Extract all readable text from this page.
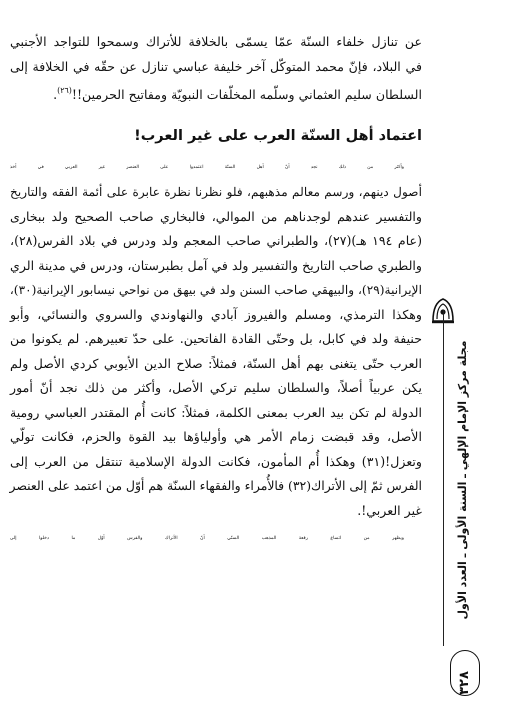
عن تنازل خلفاء السنّة عمّا يسمّى بالخلافة للأتراك وسمحوا للتواجد الأجنبي
في البلاد، فإنّ محمد المتوكّل آخر خليفة عباسي تنازل عن حقّه في الخلافة إلى
السلطان سليم العثماني وسلّمه المخلّفات النبويّة ومفاتيح الحرمين!!$^{(٢٦)}$.

اعتماد أهل السنّة العرب على غير العرب!

وأكثر من ذلك نجد أنّ أهل السنّة اعتمدوا على العنصر غير العربي في أخذ
أصول دينهم، ورسم معالم مذهبهم، فلو نظرنا نظرة عابرة على أئمة الفقه والتاريخ
والتفسير عندهم لوجدناهم من الموالي، فالبخاري صاحب الصحيح ولد ببخارى
(عام ١٩٤ هـ)(٢٧)، والطبراني صاحب المعجم ولد ودرس في بلاد الفرس(٢٨)،
والطبري صاحب التاريخ والتفسير ولد في آمل بطبرستان، ودرس في مدينة الري
الإيرانية(٢٩)، والبيهقي صاحب السنن ولد في بيهق من نواحي نيسابور الإيرانية(٣٠)،
وهكذا الترمذي، ومسلم والفيروز آبادي والنهاوندي والسروي والنسائي، وأبو
حنيفة ولد في كابل، بل وحتّى القادة الفاتحين. على حدّ تعبيرهم. لم يكونوا من
العرب حتّى يتغنى بهم أهل السنّة، فمثلاً: صلاح الدين الأيوبي كردي الأصل ولم
يكن عربياً أصلاً، والسلطان سليم تركي الأصل، وأكثر من ذلك نجد أنّ أمور
الدولة لم تكن بيد العرب بمعنى الكلمة، فمثلاً: كانت أُم المقتدر العباسي رومية
الأصل، وقد قبضت زمام الأمر هي وأولياؤها بيد القوة والحزم، فكانت تولّي
وتعزل!(٣١) وهكذا أُم المأمون، فكانت الدولة الإسلامية تنتقل من العرب إلى
الفرس ثمّ إلى الأتراك(٣٢) فالأُمراء والفقهاء السنّة هم أوّل من اعتمد على العنصر
غير العربي!.

ويظهر من اتساع رقعة المذهب السنّي أنّ الأتراك والفرس أوّل ما دخلوا إلى	مجلة مركز الإمام الإلهي ـ السنة الأولى ـ العدد الأول
٣٢٨
